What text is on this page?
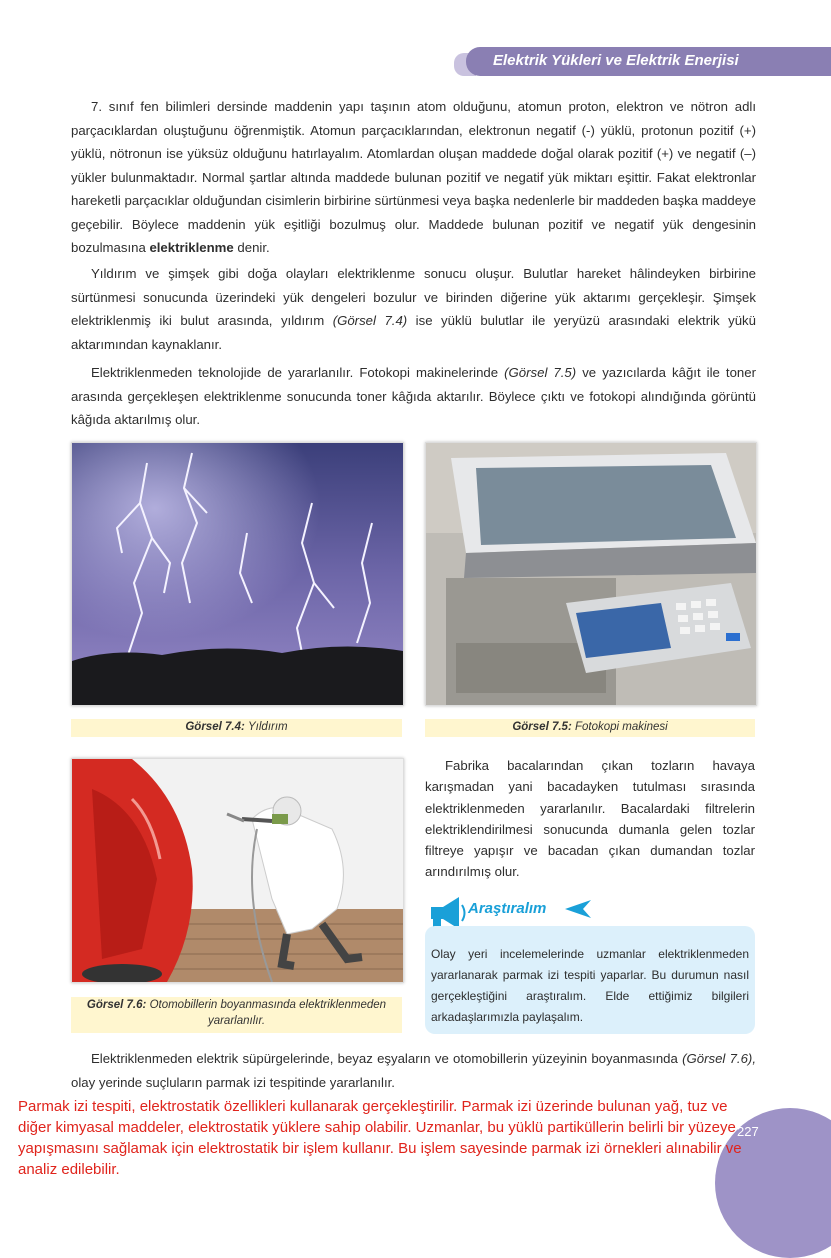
Elektrik Yükleri ve Elektrik Enerjisi

7. sınıf fen bilimleri dersinde maddenin yapı taşının atom olduğunu, atomun proton, elektron ve nötron adlı parçacıklardan oluştuğunu öğrenmiştik. Atomun parçacıklarından, elektronun negatif (-) yüklü, protonun pozitif (+) yüklü, nötronun ise yüksüz olduğunu hatırlayalım. Atomlardan oluşan maddede doğal olarak pozitif (+) ve negatif (–) yükler bulunmaktadır. Normal şartlar altında maddede bulunan pozitif ve negatif yük miktarı eşittir. Fakat elektronlar hareketli parçacıklar olduğundan cisimlerin birbirine sürtünmesi veya başka nedenlerle bir maddeden başka maddeye geçebilir. Böylece maddenin yük eşitliği bozulmuş olur. Maddede bulunan pozitif ve negatif yük dengesinin bozulmasına elektriklenme denir.

Yıldırım ve şimşek gibi doğa olayları elektriklenme sonucu oluşur. Bulutlar hareket hâlindeyken birbirine sürtünmesi sonucunda üzerindeki yük dengeleri bozulur ve birinden diğerine yük aktarımı gerçekleşir. Şimşek elektriklenmiş iki bulut arasında, yıldırım (Görsel 7.4) ise yüklü bulutlar ile yeryüzü arasındaki elektrik yükü aktarımından kaynaklanır.

Elektriklenmeden teknolojide de yararlanılır. Fotokopi makinelerinde (Görsel 7.5) ve yazıcılarda kâğıt ile toner arasında gerçekleşen elektriklenme sonucunda toner kâğıda aktarılır. Böylece çıktı ve fotokopi alındığında görüntü kâğıda aktarılmış olur.

Görsel 7.4: Yıldırım	Görsel 7.5: Fotokopi makinesi
Görsel 7.6: Otomobillerin boyanmasında elektriklenmeden yararlanılır.

Fabrika bacalarından çıkan tozların havaya karışmadan yani bacadayken tutulması sırasında elektriklenmeden yararlanılır. Bacalardaki filtrelerin elektriklendirilmesi sonucunda dumanla gelen tozlar filtreye yapışır ve bacadan çıkan dumandan tozlar arındırılmış olur.

Araştıralım
Olay yeri incelemelerinde uzmanlar elektriklenmeden yararlanarak parmak izi tespiti yaparlar. Bu durumun nasıl gerçekleştiğini araştıralım. Elde ettiğimiz bilgileri arkadaşlarımızla paylaşalım.

Elektriklenmeden elektrik süpürgelerinde, beyaz eşyaların ve otomobillerin yüzeyinin boyanmasında (Görsel 7.6), olay yerinde suçluların parmak izi tespitinde yararlanılır.

227
Parmak izi tespiti, elektrostatik özellikleri kullanarak gerçekleştirilir. Parmak izi üzerinde bulunan yağ, tuz ve diğer kimyasal maddeler, elektrostatik yüklere sahip olabilir. Uzmanlar, bu yüklü partiküllerin belirli bir yüzeye yapışmasını sağlamak için elektrostatik bir işlem kullanır. Bu işlem sayesinde parmak izi örnekleri alınabilir ve analiz edilebilir.
